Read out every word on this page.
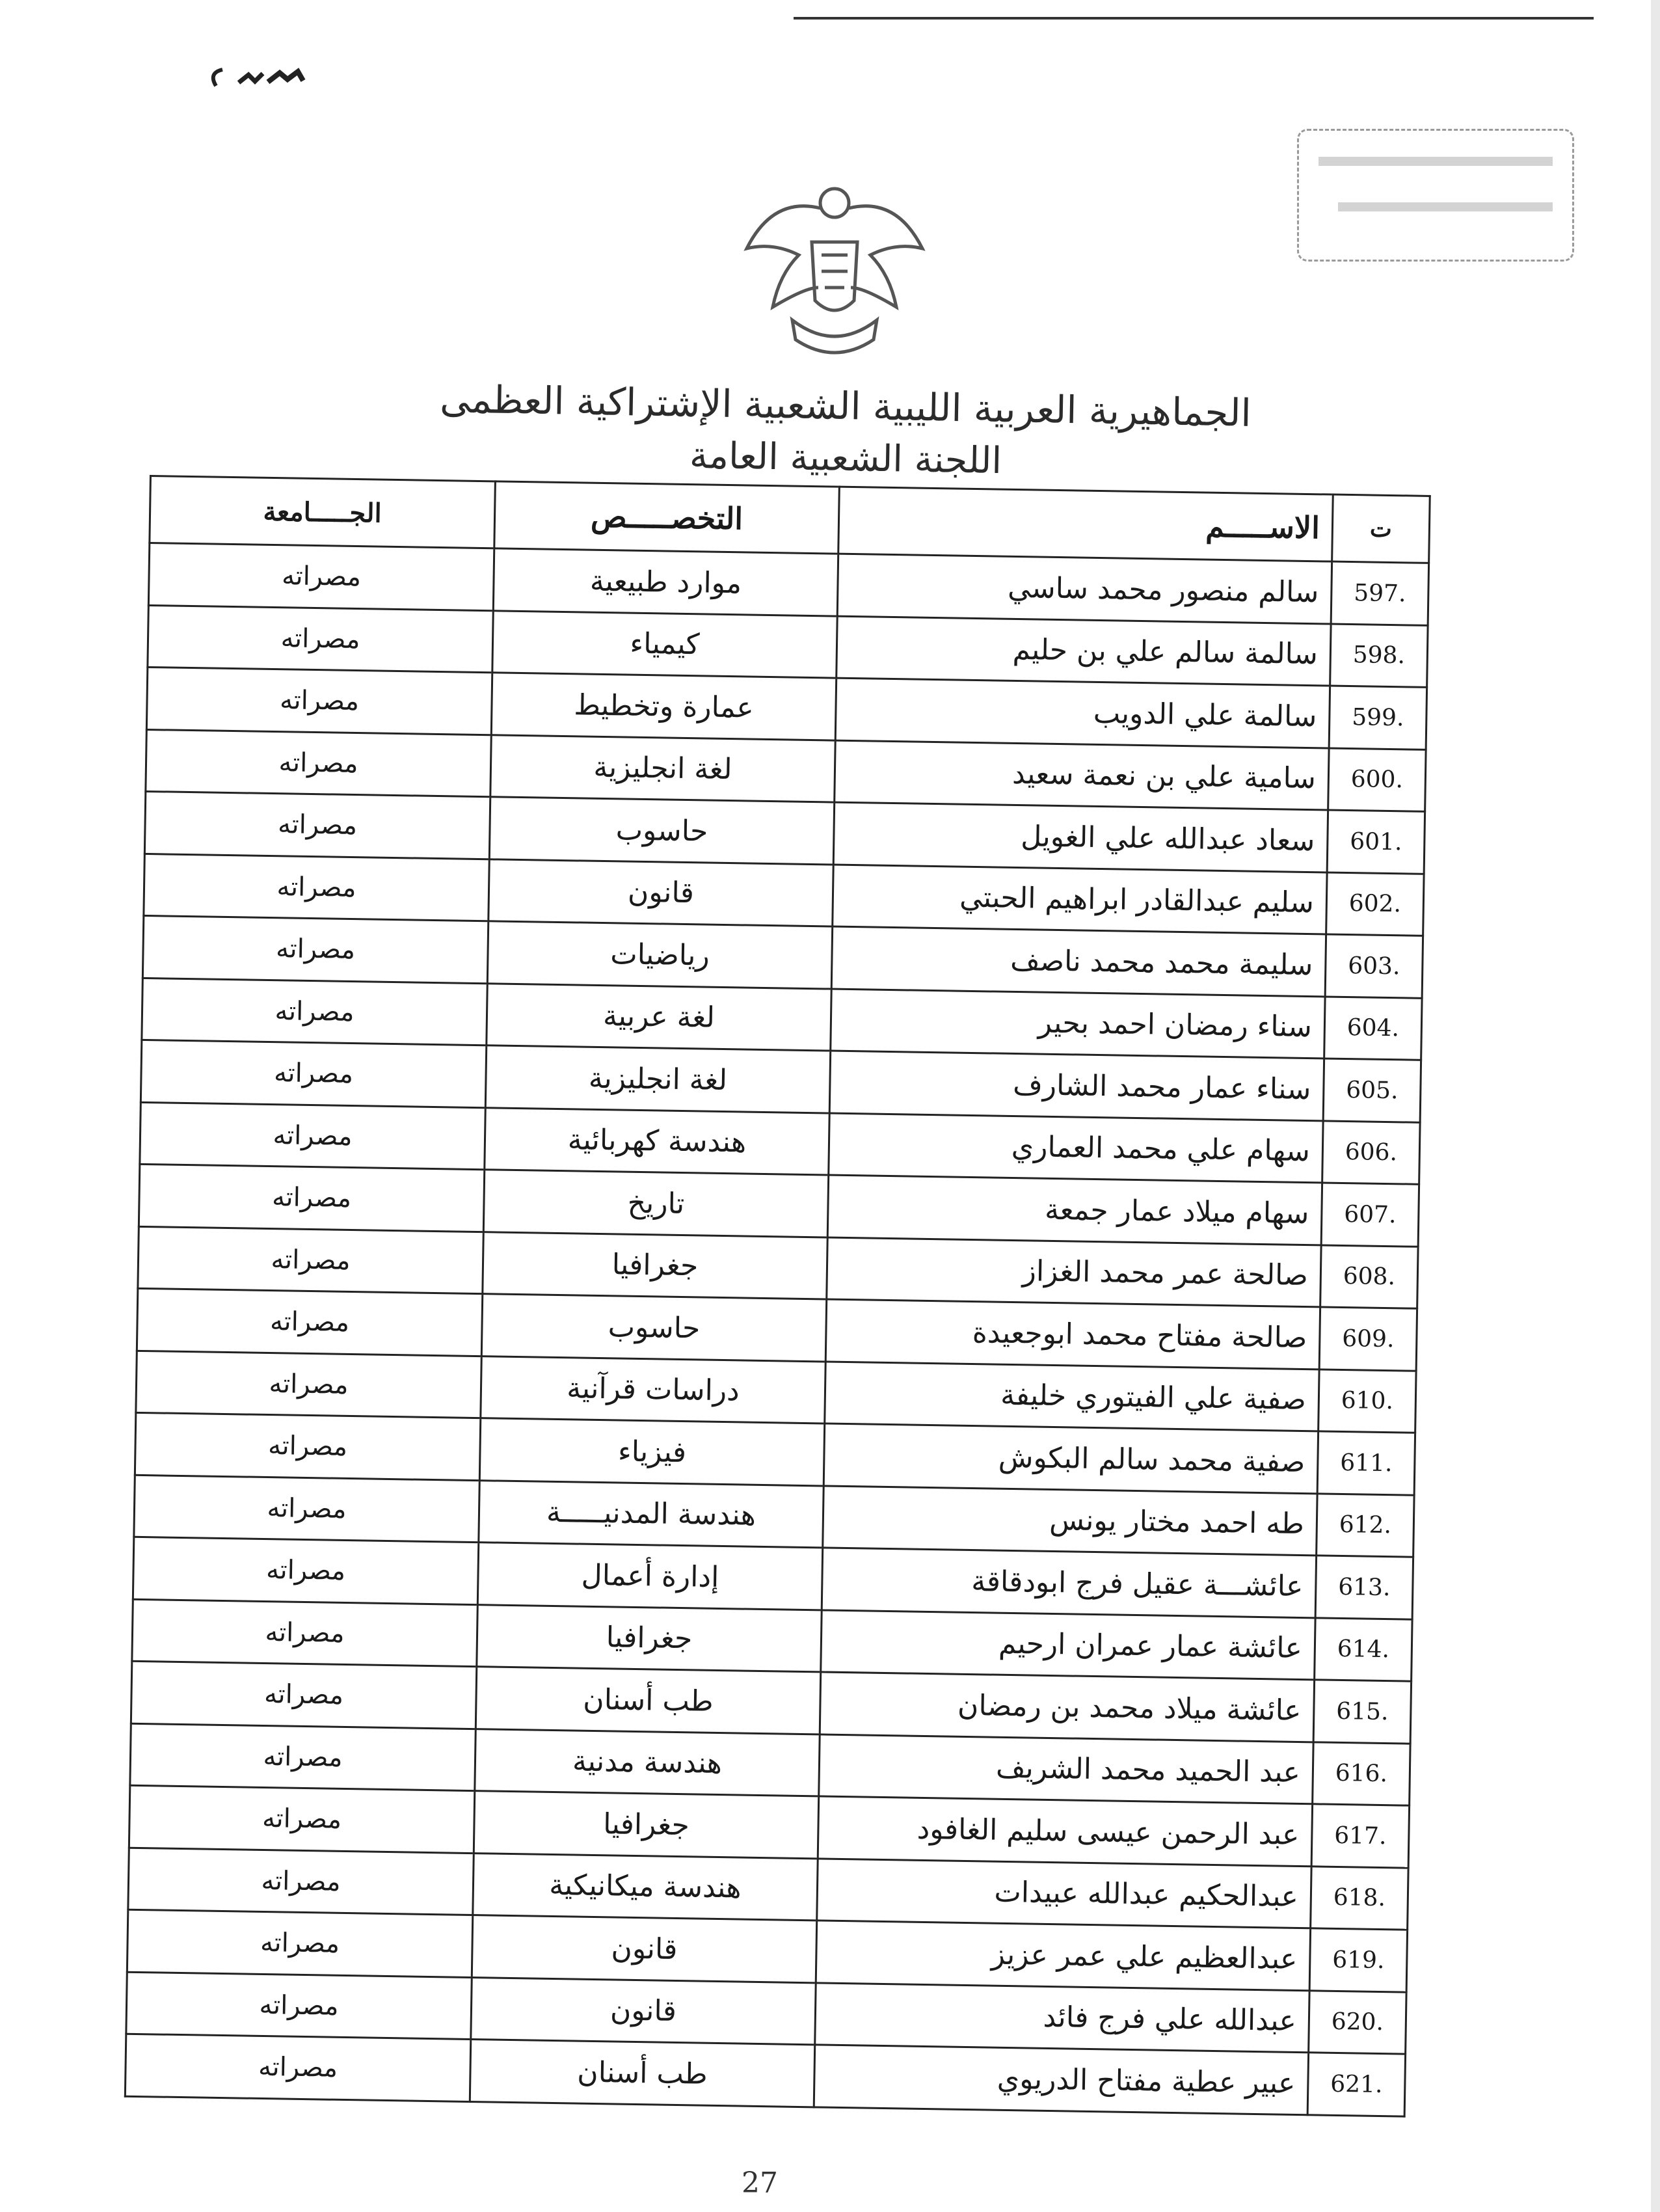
الجماهيرية العربية الليبية الشعبية الإشتراكية العظمى
اللجنة الشعبية العامة
ت	الاســـــم	التخصـــــص	الجـــــامعة
597.	سالم منصور محمد ساسي	موارد طبيعية	مصراته
598.	سالمة سالم علي بن حليم	كيمياء	مصراته
599.	سالمة علي الدويب	عمارة وتخطيط	مصراته
600.	سامية علي بن نعمة سعيد	لغة انجليزية	مصراته
601.	سعاد عبدالله علي الغويل	حاسوب	مصراته
602.	سليم عبدالقادر ابراهيم الحبتي	قانون	مصراته
603.	سليمة محمد محمد ناصف	رياضيات	مصراته
604.	سناء رمضان احمد بحير	لغة عربية	مصراته
605.	سناء عمار محمد الشارف	لغة انجليزية	مصراته
606.	سهام علي محمد العماري	هندسة كهربائية	مصراته
607.	سهام ميلاد عمار جمعة	تاريخ	مصراته
608.	صالحة عمر محمد الغزاز	جغرافيا	مصراته
609.	صالحة مفتاح محمد ابوجعيدة	حاسوب	مصراته
610.	صفية علي الفيتوري خليفة	دراسات قرآنية	مصراته
611.	صفية محمد سالم البكوش	فيزياء	مصراته
612.	طه احمد مختار يونس	هندسة المدنيـــــة	مصراته
613.	عائشـــة عقيل فرج ابودقاقة	إدارة أعمال	مصراته
614.	عائشة عمار عمران ارحيم	جغرافيا	مصراته
615.	عائشة ميلاد محمد بن رمضان	طب أسنان	مصراته
616.	عبد الحميد محمد الشريف	هندسة مدنية	مصراته
617.	عبد الرحمن عيسى سليم الغافود	جغرافيا	مصراته
618.	عبدالحكيم عبدالله عبيدات	هندسة ميكانيكية	مصراته
619.	عبدالعظيم علي عمر عزيز	قانون	مصراته
620.	عبدالله علي فرج فائد	قانون	مصراته
621.	عبير عطية مفتاح الدريوي	طب أسنان	مصراته
27
